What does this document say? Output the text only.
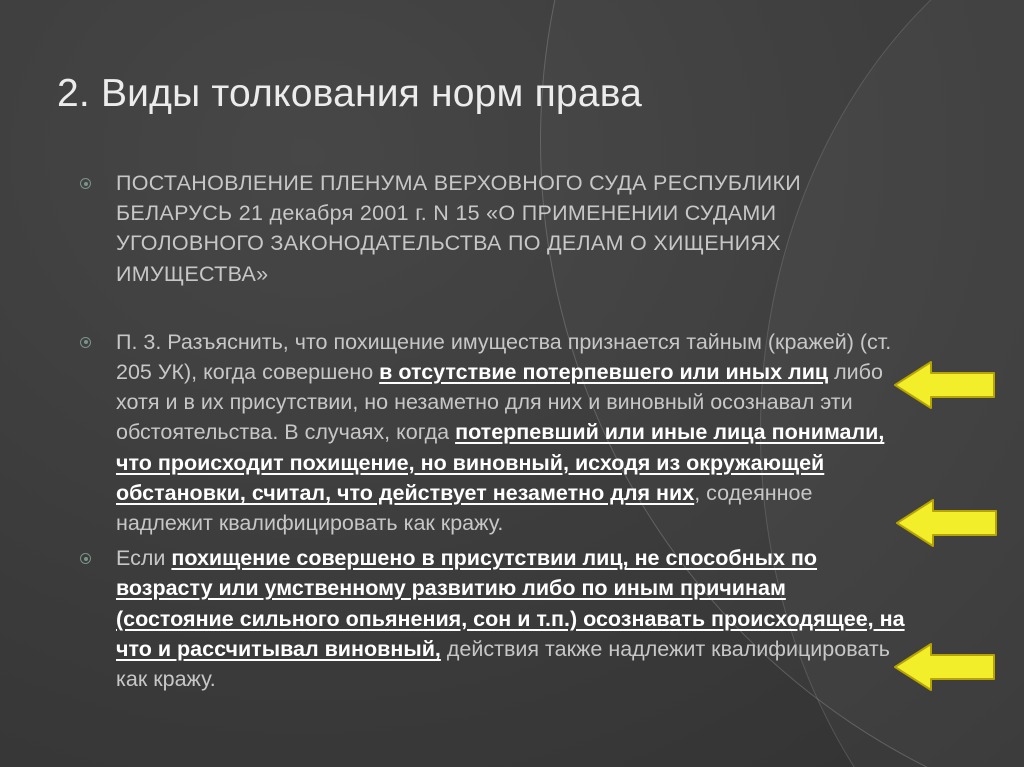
2. Виды толкования норм права
ПОСТАНОВЛЕНИЕ ПЛЕНУМА ВЕРХОВНОГО СУДА РЕСПУБЛИКИ БЕЛАРУСЬ 21 декабря 2001 г. N 15 «О ПРИМЕНЕНИИ СУДАМИ УГОЛОВНОГО ЗАКОНОДАТЕЛЬСТВА ПО ДЕЛАМ О ХИЩЕНИЯХ ИМУЩЕСТВА»
П. 3. Разъяснить, что похищение имущества признается тайным (кражей) (ст. 205 УК), когда совершено в отсутствие потерпевшего или иных лиц либо хотя и в их присутствии, но незаметно для них и виновный осознавал эти обстоятельства. В случаях, когда потерпевший или иные лица понимали, что происходит похищение, но виновный, исходя из окружающей обстановки, считал, что действует незаметно для них, содеянное надлежит квалифицировать как кражу.
Если похищение совершено в присутствии лиц, не способных по возрасту или умственному развитию либо по иным причинам (состояние сильного опьянения, сон и т.п.) осознавать происходящее, на что и рассчитывал виновный, действия также надлежит квалифицировать как кражу.
